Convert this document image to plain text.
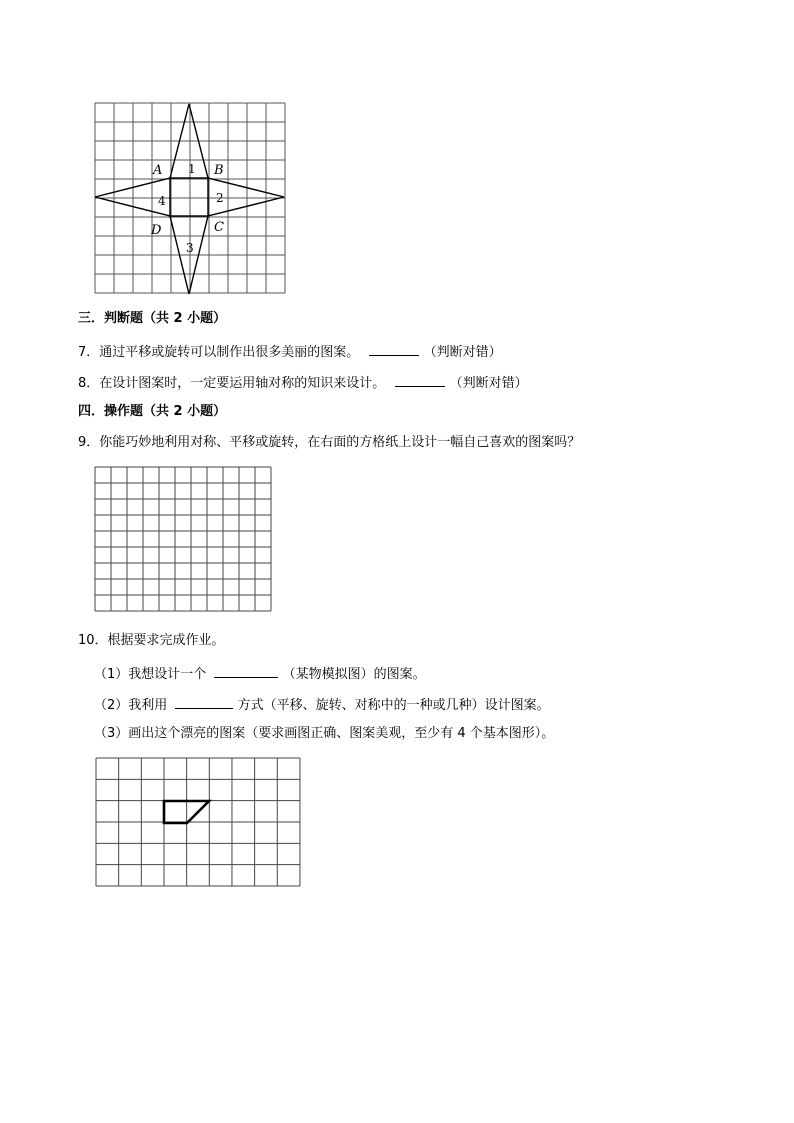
A	B
C
D
1
2
3
4
三．判断题（共 2 小题）
7．通过平移或旋转可以制作出很多美丽的图案。	（判断对错）
8．在设计图案时，一定要运用轴对称的知识来设计。	（判断对错）
四．操作题（共 2 小题）
9．你能巧妙地利用对称、平移或旋转，在右面的方格纸上设计一幅自己喜欢的图案吗？
10．根据要求完成作业。
（1）我想设计一个	（某物模拟图）的图案。
（2）我利用	方式（平移、旋转、对称中的一种或几种）设计图案。
（3）画出这个漂亮的图案（要求画图正确、图案美观，至少有 4 个基本图形）。
